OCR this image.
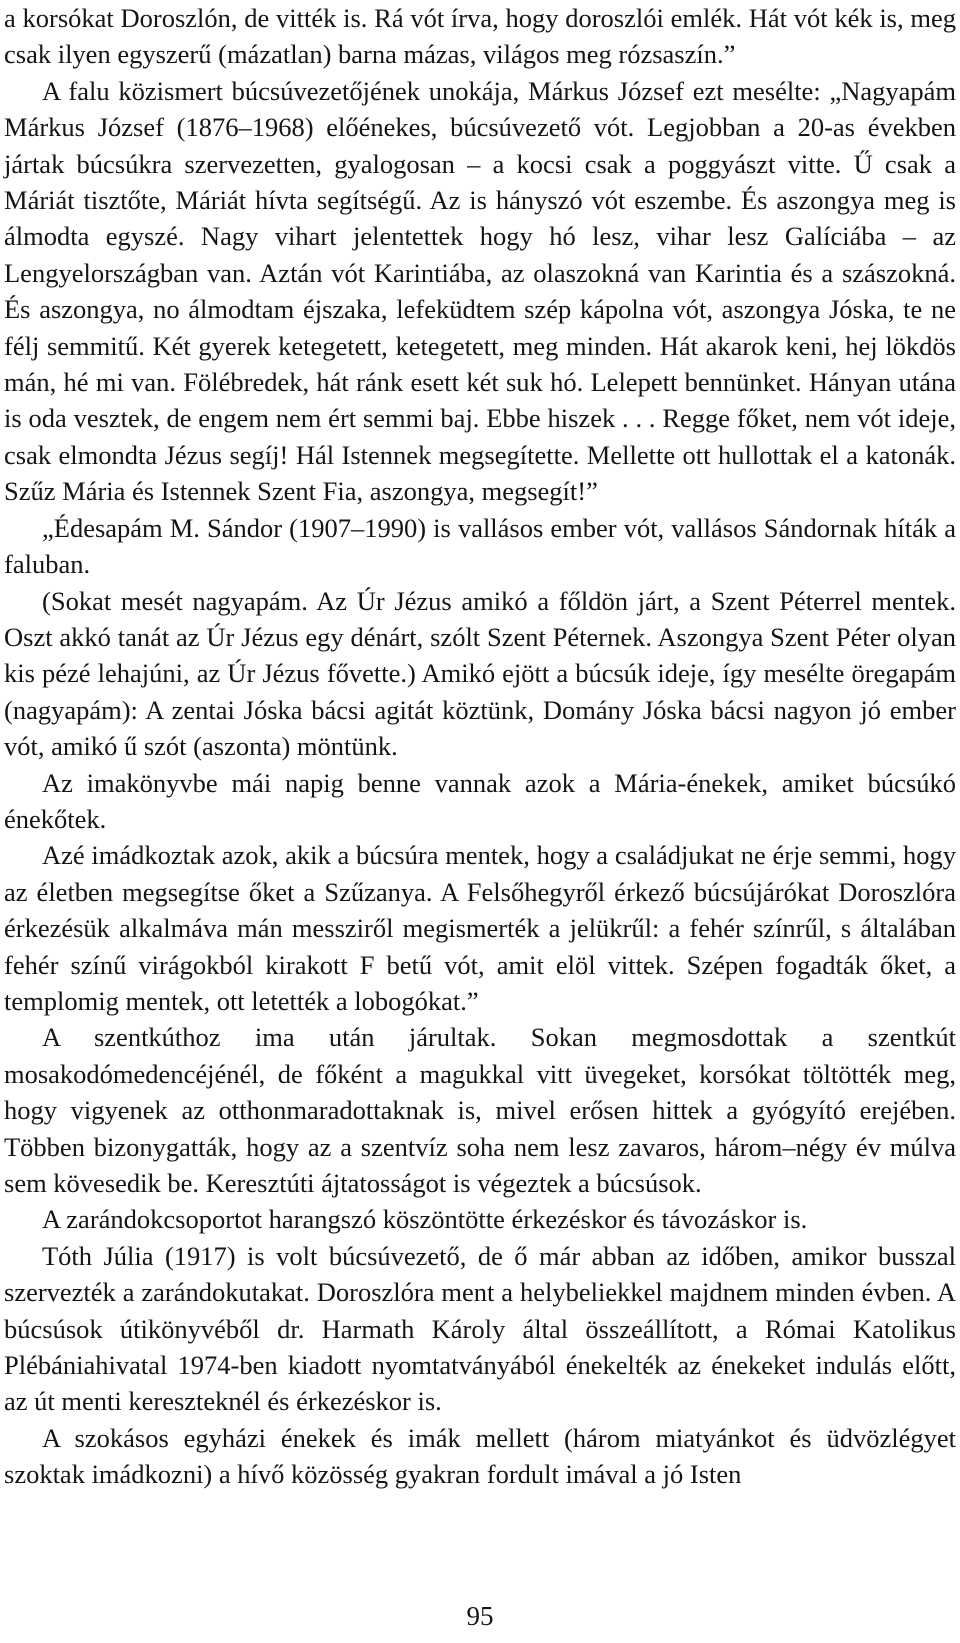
a korsókat Doroszlón, de vitték is. Rá vót írva, hogy doroszlói emlék. Hát vót kék is, meg csak ilyen egyszerű (mázatlan) barna mázas, világos meg rózsaszín.”

A falu közismert búcsúvezetőjének unokája, Márkus József ezt mesélte: „Nagyapám Márkus József (1876–1968) előénekes, búcsúvezető vót. Legjobban a 20-as években jártak búcsúkra szervezetten, gyalogosan – a kocsi csak a poggyászt vitte. Ű csak a Máriát tisztőte, Máriát hívta segítségű. Az is hányszó vót eszembe. És aszongya meg is álmodta egyszé. Nagy vihart jelentettek hogy hó lesz, vihar lesz Galíciába – az Lengyelországban van. Aztán vót Karintiába, az olaszokná van Karintia és a szászokná. És aszongya, no álmodtam éjszaka, lefeküdtem szép kápolna vót, aszongya Jóska, te ne félj semmitű. Két gyerek ketegetett, ketegetett, meg minden. Hát akarok keni, hej lökdös mán, hé mi van. Fölébredek, hát ránk esett két suk hó. Lelepett bennünket. Hányan utána is oda vesztek, de engem nem ért semmi baj. Ebbe hiszek . . . Regge főket, nem vót ideje, csak elmondta Jézus segíj! Hál Istennek megsegítette. Mellette ott hullottak el a katonák. Szűz Mária és Istennek Szent Fia, aszongya, megsegít!”

„Édesapám M. Sándor (1907–1990) is vallásos ember vót, vallásos Sándornak híták a faluban.

(Sokat mesét nagyapám. Az Úr Jézus amikó a főldön járt, a Szent Péterrel mentek. Oszt akkó tanát az Úr Jézus egy dénárt, szólt Szent Péternek. Aszongya Szent Péter olyan kis pézé lehajúni, az Úr Jézus fővette.) Amikó ejött a búcsúk ideje, így mesélte öregapám (nagyapám): A zentai Jóska bácsi agitát köztünk, Domány Jóska bácsi nagyon jó ember vót, amikó ű szót (aszonta) möntünk.

Az imakönyvbe mái napig benne vannak azok a Mária-énekek, amiket búcsúkó énekőtek.

Azé imádkoztak azok, akik a búcsúra mentek, hogy a családjukat ne érje semmi, hogy az életben megsegítse őket a Szűzanya. A Felsőhegyről érkező búcsújárókat Doroszlóra érkezésük alkalmáva mán messziről megismerték a jelükrűl: a fehér színrűl, s általában fehér színű virágokból kirakott F betű vót, amit elöl vittek. Szépen fogadták őket, a templomig mentek, ott letették a lobogókat.”

A szentkúthoz ima után járultak. Sokan megmosdottak a szentkút mosakodómedencéjénél, de főként a magukkal vitt üvegeket, korsókat töltötték meg, hogy vigyenek az otthonmaradottaknak is, mivel erősen hittek a gyógyító erejében. Többen bizonygatták, hogy az a szentvíz soha nem lesz zavaros, három–négy év múlva sem kövesedik be. Keresztúti ájtatosságot is végeztek a búcsúsok.

A zarándokcsoportot harangszó köszöntötte érkezéskor és távozáskor is.

Tóth Júlia (1917) is volt búcsúvezető, de ő már abban az időben, amikor busszal szervezték a zarándokutakat. Doroszlóra ment a helybeliekkel majdnem minden évben. A búcsúsok útikönyvéből dr. Harmath Károly által összeállított, a Római Katolikus Plébániahivatal 1974-ben kiadott nyomtatványából énekelték az énekeket indulás előtt, az út menti kereszteknél és érkezéskor is.

A szokásos egyházi énekek és imák mellett (három miatyánkot és üdvözlégyet szoktak imádkozni) a hívő közösség gyakran fordult imával a jó Isten

95
